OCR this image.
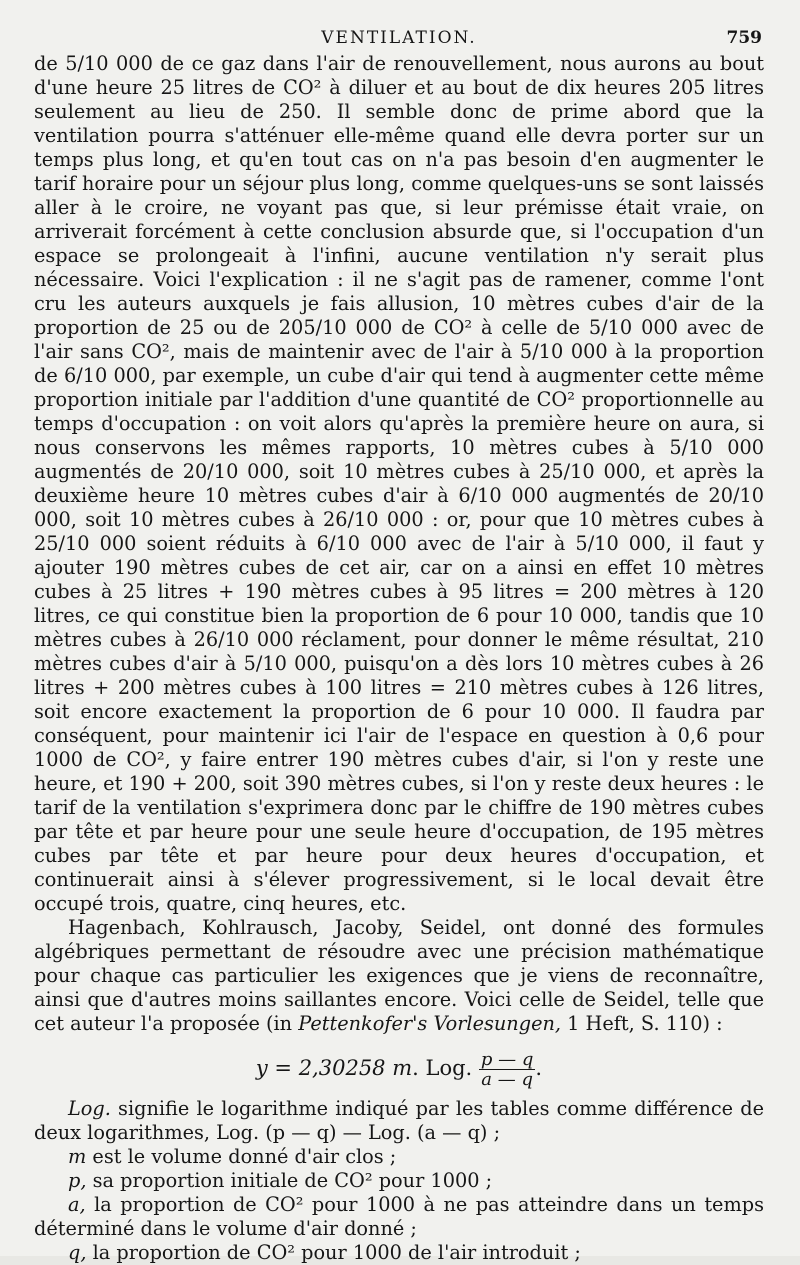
VENTILATION.	759

de 5/10 000 de ce gaz dans l'air de renouvellement, nous aurons au bout d'une heure 25 litres de CO² à diluer et au bout de dix heures 205 litres seulement au lieu de 250. Il semble donc de prime abord que la ventilation pourra s'atténuer elle-même quand elle devra porter sur un temps plus long, et qu'en tout cas on n'a pas besoin d'en augmenter le tarif horaire pour un séjour plus long, comme quelques-uns se sont laissés aller à le croire, ne voyant pas que, si leur prémisse était vraie, on arriverait forcément à cette conclusion absurde que, si l'occupation d'un espace se prolongeait à l'infini, aucune ventilation n'y serait plus nécessaire. Voici l'explication : il ne s'agit pas de ramener, comme l'ont cru les auteurs auxquels je fais allusion, 10 mètres cubes d'air de la proportion de 25 ou de 205/10 000 de CO² à celle de 5/10 000 avec de l'air sans CO², mais de maintenir avec de l'air à 5/10 000 à la proportion de 6/10 000, par exemple, un cube d'air qui tend à augmenter cette même proportion initiale par l'addition d'une quantité de CO² proportionnelle au temps d'occupation : on voit alors qu'après la première heure on aura, si nous conservons les mêmes rapports, 10 mètres cubes à 5/10 000 augmentés de 20/10 000, soit 10 mètres cubes à 25/10 000, et après la deuxième heure 10 mètres cubes d'air à 6/10 000 augmentés de 20/10 000, soit 10 mètres cubes à 26/10 000 : or, pour que 10 mètres cubes à 25/10 000 soient réduits à 6/10 000 avec de l'air à 5/10 000, il faut y ajouter 190 mètres cubes de cet air, car on a ainsi en effet 10 mètres cubes à 25 litres + 190 mètres cubes à 95 litres = 200 mètres à 120 litres, ce qui constitue bien la proportion de 6 pour 10 000, tandis que 10 mètres cubes à 26/10 000 réclament, pour donner le même résultat, 210 mètres cubes d'air à 5/10 000, puisqu'on a dès lors 10 mètres cubes à 26 litres + 200 mètres cubes à 100 litres = 210 mètres cubes à 126 litres, soit encore exactement la proportion de 6 pour 10 000. Il faudra par conséquent, pour maintenir ici l'air de l'espace en question à 0,6 pour 1000 de CO², y faire entrer 190 mètres cubes d'air, si l'on y reste une heure, et 190 + 200, soit 390 mètres cubes, si l'on y reste deux heures : le tarif de la ventilation s'exprimera donc par le chiffre de 190 mètres cubes par tête et par heure pour une seule heure d'occupation, de 195 mètres cubes par tête et par heure pour deux heures d'occupation, et continuerait ainsi à s'élever progressivement, si le local devait être occupé trois, quatre, cinq heures, etc.

Hagenbach, Kohlrausch, Jacoby, Seidel, ont donné des formules algébriques permettant de résoudre avec une précision mathématique pour chaque cas particulier les exigences que je viens de reconnaître, ainsi que d'autres moins saillantes encore. Voici celle de Seidel, telle que cet auteur l'a proposée (in Pettenkofer's Vorlesungen, 1 Heft, S. 110) :

y = 2,30258 m. Log. $\frac{p — q}{a — q}$ .

Log. signifie le logarithme indiqué par les tables comme différence de deux logarithmes, Log. (p — q) — Log. (a — q) ;

m est le volume donné d'air clos ;

p, sa proportion initiale de CO² pour 1000 ;

a, la proportion de CO² pour 1000 à ne pas atteindre dans un temps déterminé dans le volume d'air donné ;

q, la proportion de CO² pour 1000 de l'air introduit ;
